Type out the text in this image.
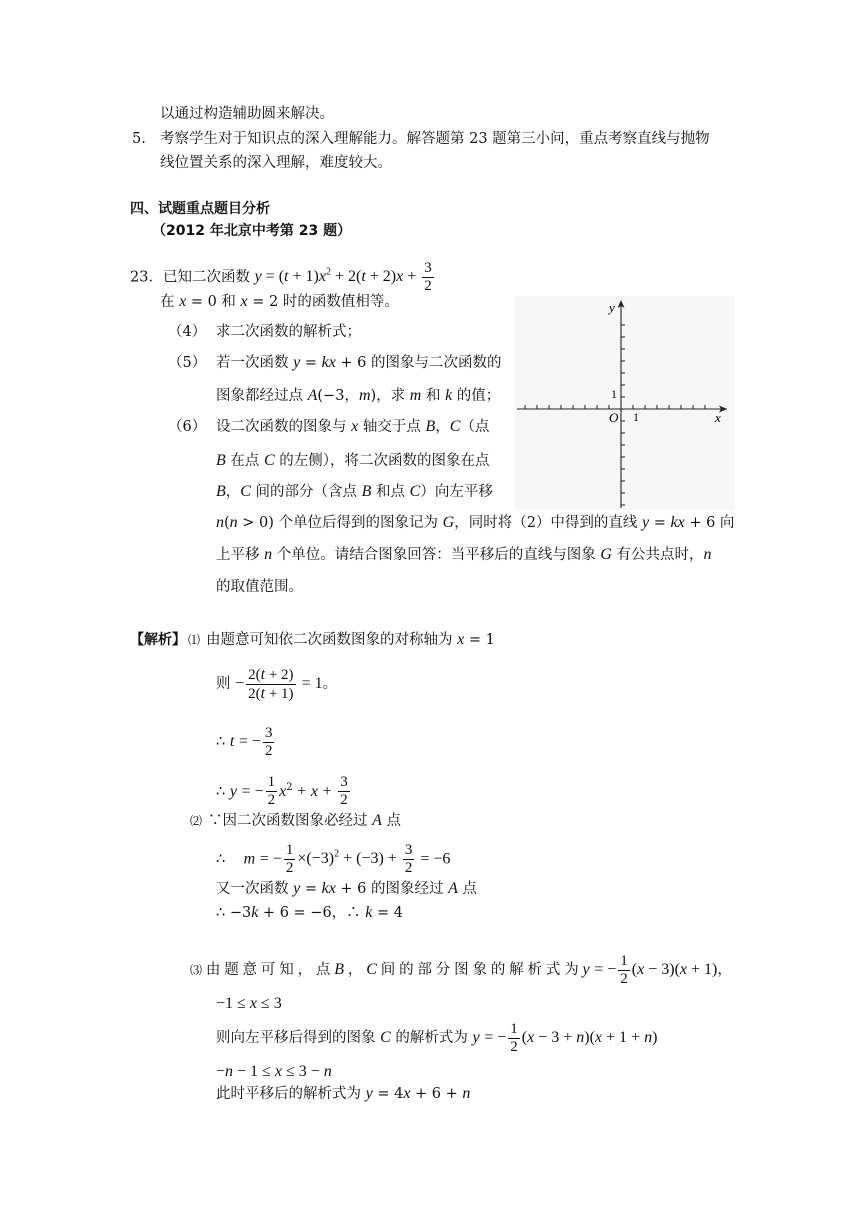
以通过构造辅助圆来解决。
5. 考察学生对于知识点的深入理解能力。解答题第 23 题第三小问，重点考察直线与抛物
线位置关系的深入理解，难度较大。
四、试题重点题目分析
（2012 年北京中考第 23 题）
23．已知二次函数 $y = (t + 1)x^2 + 2(t + 2)x + \frac{3}{2}$
在 x = 0 和 x = 2 时的函数值相等。
（4） 求二次函数的解析式；
（5） 若一次函数 y = kx + 6 的图象与二次函数的
图象都经过点 A(−3，m)，求 m 和 k 的值；
（6） 设二次函数的图象与 x 轴交于点 B，C（点
B 在点 C 的左侧），将二次函数的图象在点
B，C 间的部分（含点 B 和点 C）向左平移
n(n > 0) 个单位后得到的图象记为 G，同时将（2）中得到的直线 y = kx + 6 向
上平移 n 个单位。请结合图象回答：当平移后的直线与图象 G 有公共点时，n
的取值范围。
y
x
O 1
1
【解析】 ⑴ 由题意可知依二次函数图象的对称轴为 x = 1
则 − $\frac{2(t + 2)}{2(t + 1)} = 1$。
∴ t = − $\frac{3}{2}$
∴ y = − $\frac{1}{2} x^2 + x + \frac{3}{2}$
⑵ ∵因二次函数图象必经过 A 点
∴    m = − $\frac{1}{2} \times(-3)^2 + (-3) + \frac{3}{2} = -6$
又一次函数 y = kx + 6 的图象经过 A 点
∴ −3k + 6 = −6，∴ k = 4
⑶ 由 题 意 可 知 ， 点 B ， C 间 的 部 分 图 象 的 解 析 式 为 y = − $\frac{1}{2} (x - 3)(x + 1)$，
−1 ≤ x ≤ 3
则向左平移后得到的图象 C 的解析式为 y = − $\frac{1}{2} (x - 3 + n)(x + 1 + n)$
−n − 1 ≤ x ≤ 3 − n
此时平移后的解析式为 y = 4x + 6 + n
